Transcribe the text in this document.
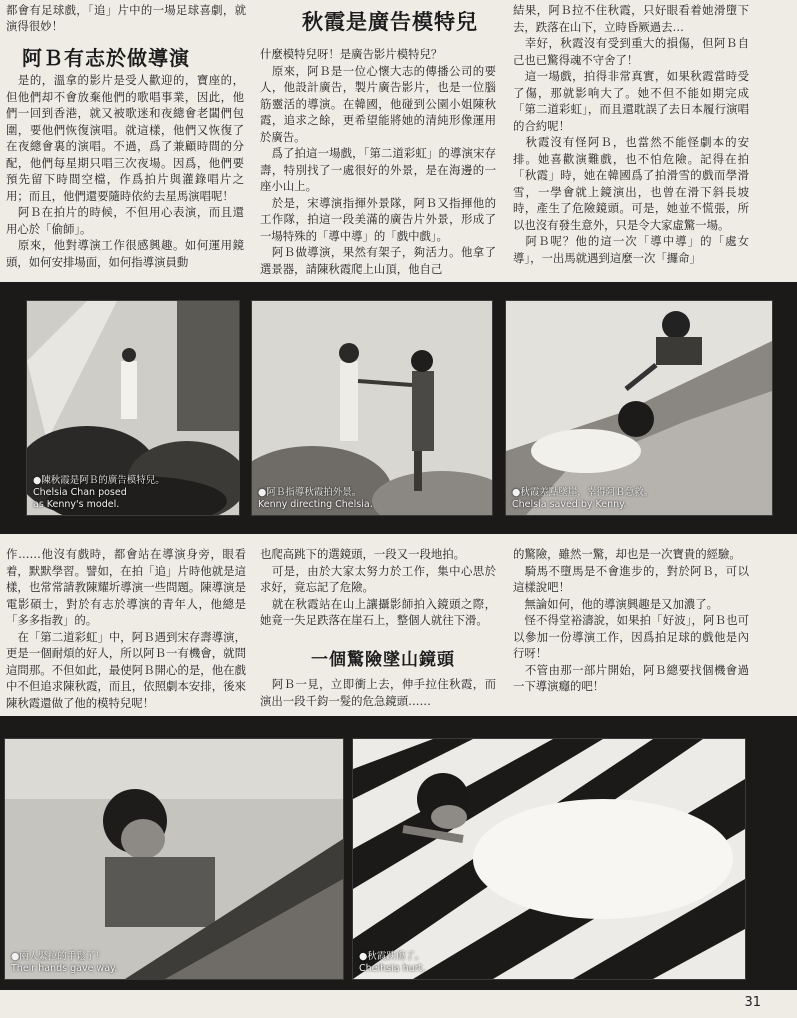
都會有足球戲，「追」片中的一場足球喜劇，就演得很妙！	秋霞是廣告模特兒
阿Ｂ有志於做導演
　是的，溫拿的影片是受人歡迎的，寶座的，但他們却不會放棄他們的歌唱事業，因此，他們一回到香港，就又被歌迷和夜總會老闆們包圍，要他們恢復演唱。就這樣，他們又恢復了在夜總會裏的演唱。不過，爲了兼顧時間的分配，他們每星期只唱三次夜場。因爲，他們要預先留下時間空檔，作爲拍片與灌錄唱片之用；而且，他們還要隨時依約去星馬演唱呢！
　阿Ｂ在拍片的時候，不但用心表演，而且還用心於「偷師」。
　原來，他對導演工作很感興趣。如何運用鏡頭，如何安排場面，如何指導演員動
什麼模特兒呀！是廣告影片模特兒？
　原來，阿Ｂ是一位心懷大志的傳播公司的要人，他設計廣告，製片廣告影片，也是一位腦筋靈活的導演。在韓國，他碰到公園小姐陳秋霞，追求之餘，更希望能將她的清純形像運用於廣告。
　爲了拍這一場戲，「第二道彩虹」的導演宋存壽，特別找了一處很好的外景，是在海邊的一座小山上。
　於是，宋導演指揮外景隊，阿Ｂ又指揮他的工作隊，拍這一段美滿的廣告片外景，形成了一場特殊的「導中導」的「戲中戲」。
　阿Ｂ做導演，果然有架子，夠活力。他拿了選景器，請陳秋霞爬上山頂，他自己
結果，阿Ｂ拉不住秋霞，只好眼看着她滑墮下去，跌落在山下，立時昏厥過去…
　幸好，秋霞沒有受到重大的損傷，但阿Ｂ自己也已驚得魂不守舍了！
　這一場戲，拍得非常真實，如果秋霞當時受了傷，那就影响大了。她不但不能如期完成「第二道彩虹」，而且還耽誤了去日本履行演唱的合約呢！
　秋霞沒有怪阿Ｂ，也當然不能怪劇本的安排。她喜歡演難戲，也不怕危險。記得在拍「秋霞」時，她在韓國爲了拍滑雪的戲而學滑雪，一學會就上鏡演出，也曾在滑下斜長坡時，產生了危險鏡頭。可是，她並不慌張，所以也沒有發生意外，只是令大家虛驚一場。
　阿Ｂ呢？他的這一次「導中導」的「處女導」，一出馬就遇到這麼一次「攞命」
●陳秋霞是阿Ｂ的廣告模特兒。
Chelsia Chan posed
as Kenny's model.
●阿Ｂ指導秋霞拍外景。
Kenny directing Chelsia.
●秋霞差點墜崖，幸得阿Ｂ急救。
Chelsia saved by Kenny.
作……他沒有戲時，都會站在導演身旁，眼看着，默默學習。譬如，在拍「追」片時他就是這樣，也常常請教陳耀圻導演一些問題。陳導演是電影碩士，對於有志於導演的青年人，他總是「多多指教」的。
　在「第二道彩虹」中，阿Ｂ遇到宋存壽導演，更是一個耐煩的好人，所以阿Ｂ一有機會，就問這問那。不但如此，最使阿Ｂ開心的是，他在戲中不但追求陳秋霞，而且，依照劇本安排，後來陳秋霞還做了他的模特兒呢！
也爬高跳下的選鏡頭，一段又一段地拍。
　可是，由於大家太努力於工作，集中心思於求好，竟忘記了危險。
　就在秋霞站在山上讓攝影師拍入鏡頭之際，她竟一失足跌落在崖石上，整個人就往下滑。
一個驚險墜山鏡頭
　阿Ｂ一見，立即衝上去，伸手拉住秋霞，而演出一段千鈞一髮的危急鏡頭……
的驚險，雖然一驚，却也是一次寶貴的經驗。
　騎馬不墮馬是不會進步的，對於阿Ｂ，可以這樣說吧！
　無論如何，他的導演興趣是又加濃了。
　怪不得堂裕濤說，如果拍「好波」，阿Ｂ也可以參加一份導演工作，因爲拍足球的戲他是內行呀！
　不管由那一部片開始，阿Ｂ總要找個機會過一下導演癮的吧！
●兩人緊拉的手鬆了！
Their hands gave way.
●秋霞跌傷了。
Chelhsia hurt.
31
